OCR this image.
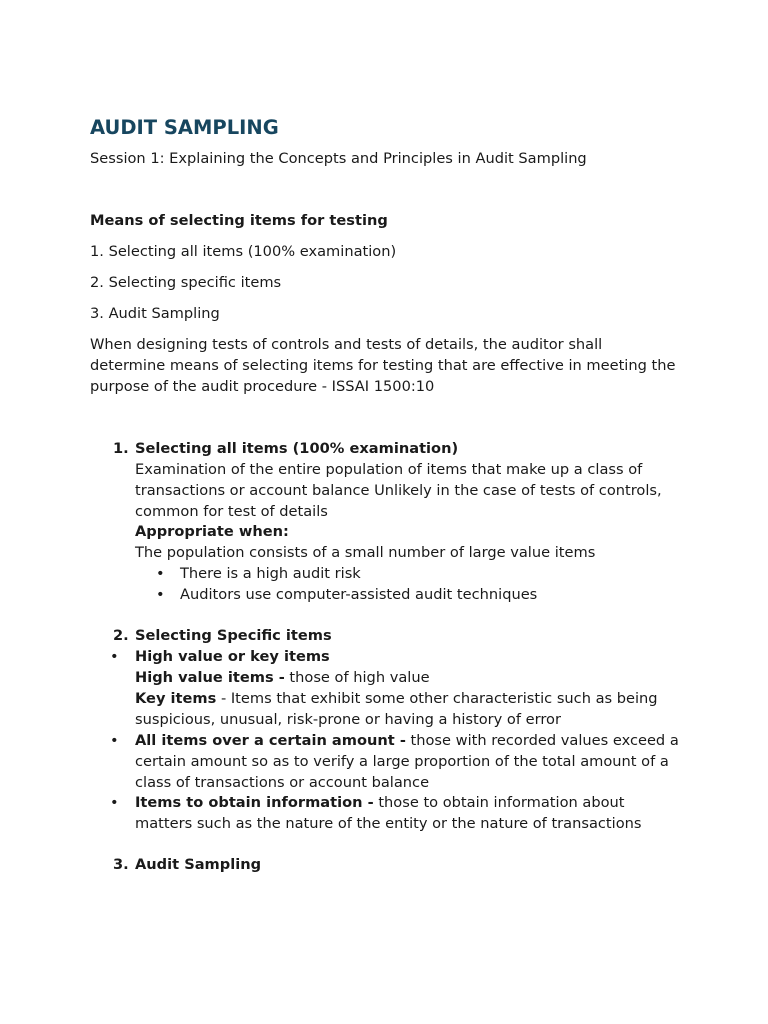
AUDIT SAMPLING

Session 1: Explaining the Concepts and Principles in Audit Sampling

Means of selecting items for testing

1. Selecting all items (100% examination)

2. Selecting specific items

3. Audit Sampling

When designing tests of controls and tests of details, the auditor shall determine means of selecting items for testing that are effective in meeting the purpose of the audit procedure - ISSAI 1500:10

1. Selecting all items (100% examination)

Examination of the entire population of items that make up a class of transactions or account balance Unlikely in the case of tests of controls, common for test of details

Appropriate when:

The population consists of a small number of large value items

• There is a high audit risk
• Auditors use computer-assisted audit techniques
2. Selecting Specific items

• High value or key items

High value items - those of high value

Key items - Items that exhibit some other characteristic such as being suspicious, unusual, risk-prone or having a history of error

• All items over a certain amount - those with recorded values exceed a certain amount so as to verify a large proportion of the total amount of a class of transactions or account balance

• Items to obtain information - those to obtain information about matters such as the nature of the entity or the nature of transactions

3. Audit Sampling
